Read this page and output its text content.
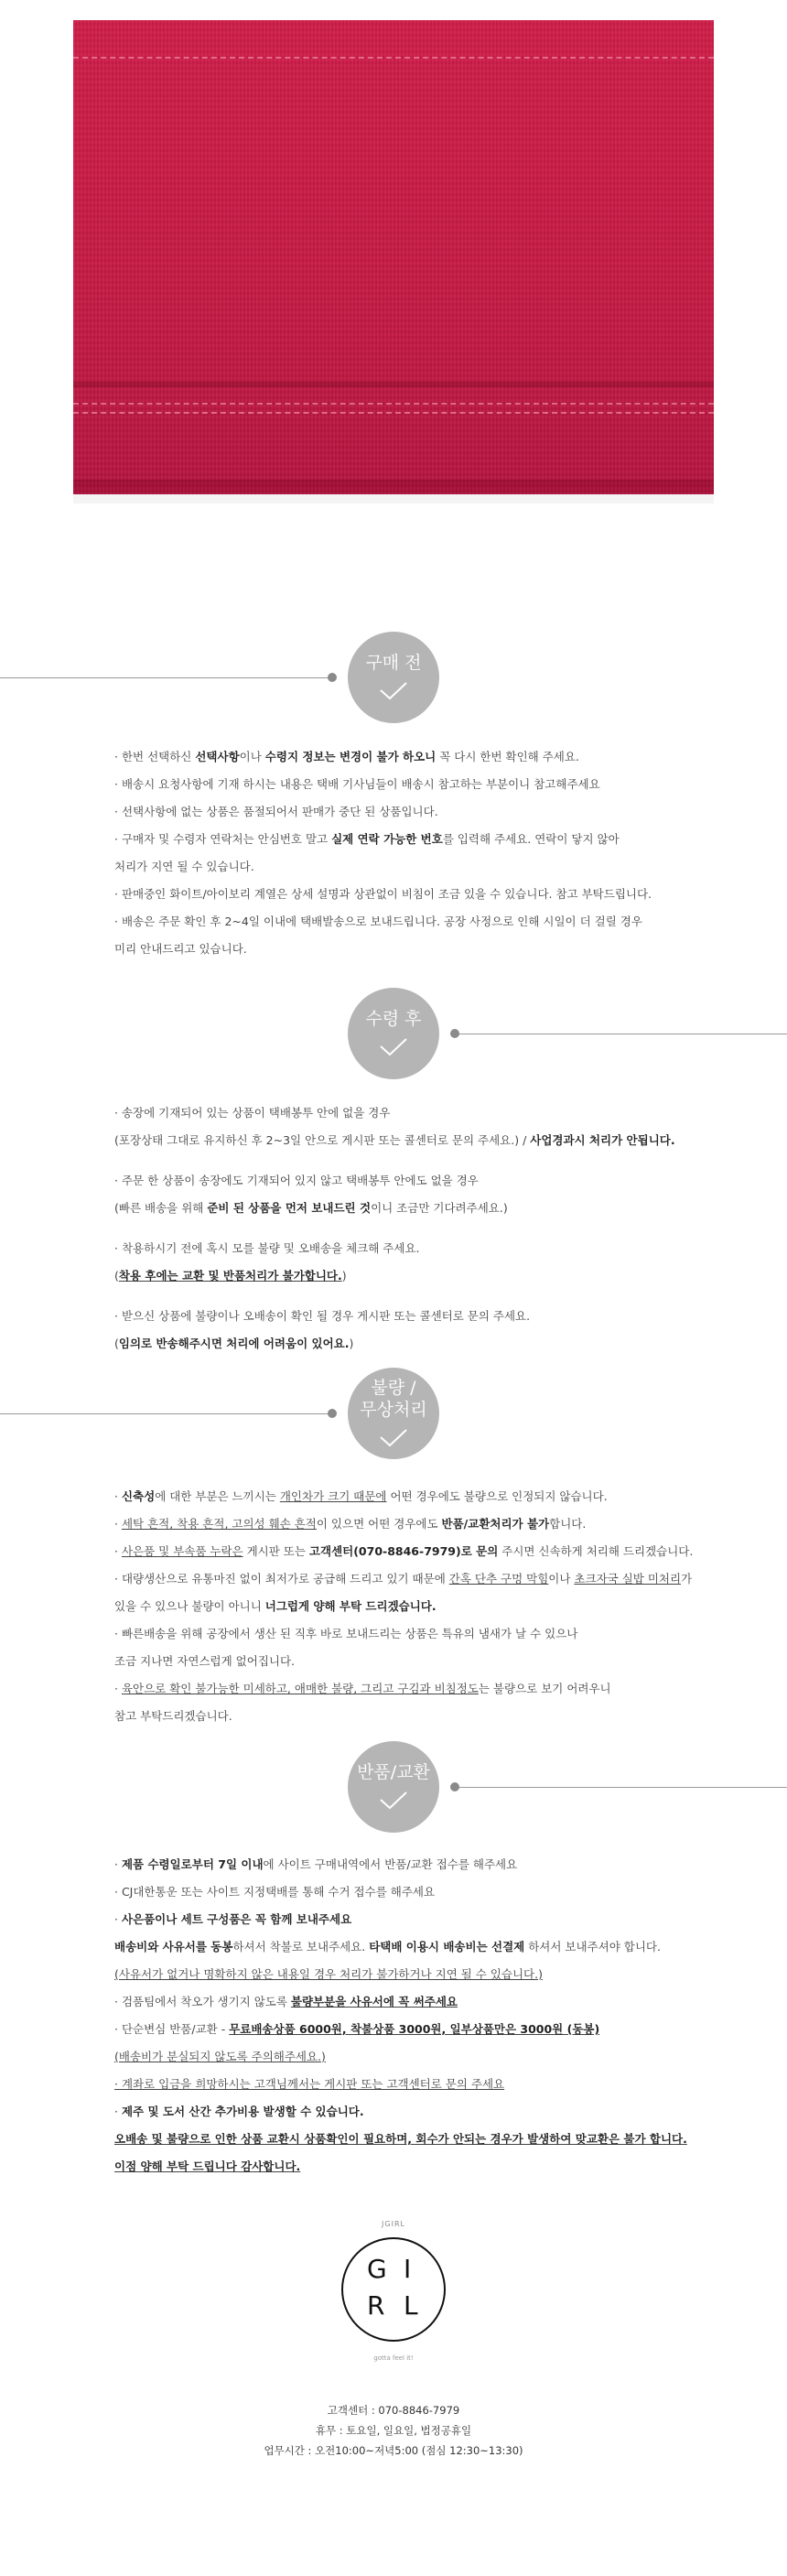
구매 전

· 한번 선택하신 선택사항이나 수령지 정보는 변경이 불가 하오니 꼭 다시 한번 확인해 주세요.

· 배송시 요청사항에 기재 하시는 내용은 택배 기사님들이 배송시 참고하는 부분이니 참고해주세요

· 선택사항에 없는 상품은 품절되어서 판매가 중단 된 상품입니다.

· 구매자 및 수령자 연락처는 안심번호 말고 실제 연락 가능한 번호를 입력해 주세요. 연락이 닿지 않아

처리가 지연 될 수 있습니다.

· 판매중인 화이트/아이보리 계열은 상세 설명과 상관없이 비침이 조금 있을 수 있습니다. 참고 부탁드립니다.

· 배송은 주문 확인 후 2~4일 이내에 택배발송으로 보내드립니다. 공장 사정으로 인해 시일이 더 걸릴 경우

미리 안내드리고 있습니다.

수령 후

· 송장에 기재되어 있는 상품이 택배봉투 안에 없을 경우

(포장상태 그대로 유지하신 후 2~3일 안으로 게시판 또는 콜센터로 문의 주세요.) / 사업경과시 처리가 안됩니다.

· 주문 한 상품이 송장에도 기재되어 있지 않고 택배봉투 안에도 없을 경우

(빠른 배송을 위해 준비 된 상품을 먼저 보내드린 것이니 조금만 기다려주세요.)

· 착용하시기 전에 혹시 모를 불량 및 오배송을 체크해 주세요.

(착용 후에는 교환 및 반품처리가 불가합니다.)

· 받으신 상품에 불량이나 오배송이 확인 될 경우 게시판 또는 콜센터로 문의 주세요.

(임의로 반송해주시면 처리에 어려움이 있어요.)

불량 /
무상처리

· 신축성에 대한 부분은 느끼시는 개인차가 크기 때문에 어떤 경우에도 불량으로 인정되지 않습니다.

· 세탁 흔적, 착용 흔적, 고의성 훼손 흔적이 있으면 어떤 경우에도 반품/교환처리가 불가합니다.

· 사은품 및 부속품 누락은 게시판 또는 고객센터(070-8846-7979)로 문의 주시면 신속하게 처리해 드리겠습니다.

· 대량생산으로 유통마진 없이 최저가로 공급해 드리고 있기 때문에 간혹 단추 구멍 막힘이나 초크자국 실밥 미처리가

있을 수 있으나 불량이 아니니 너그럽게 양해 부탁 드리겠습니다.

· 빠른배송을 위해 공장에서 생산 된 직후 바로 보내드리는 상품은 특유의 냄새가 날 수 있으나

조금 지나면 자연스럽게 없어집니다.

· 육안으로 확인 불가능한 미세하고, 애매한 불량, 그리고 구김과 비침정도는 불량으로 보기 어려우니

참고 부탁드리겠습니다.

반품/교환

· 제품 수령일로부터 7일 이내에 사이트 구매내역에서 반품/교환 접수를 해주세요

· CJ대한통운 또는 사이트 지정택배를 통해 수거 접수를 해주세요

· 사은품이나 세트 구성품은 꼭 함께 보내주세요

배송비와 사유서를 동봉하셔서 착불로 보내주세요. 타택배 이용시 배송비는 선결제 하셔서 보내주셔야 합니다.

(사유서가 없거나 명확하지 않은 내용일 경우 처리가 불가하거나 지연 될 수 있습니다.)

· 검품팀에서 착오가 생기지 않도록 불량부분을 사유서에 꼭 써주세요

· 단순변심 반품/교환 - 무료배송상품 6000원, 착불상품 3000원, 일부상품만은 3000원 (동봉)

(배송비가 분실되지 않도록 주의해주세요.)

· 계좌로 입금을 희망하시는 고객님께서는 게시판 또는 고객센터로 문의 주세요

· 제주 및 도서 산간 추가비용 발생할 수 있습니다.

오배송 및 불량으로 인한 상품 교환시 상품확인이 필요하며, 회수가 안되는 경우가 발생하여 맞교환은 불가 합니다.

이점 양해 부탁 드립니다 감사합니다.

JGIRL
G I
R L
gotta feel it!
고객센터 : 070-8846-7979
휴무 : 토요일, 일요일, 법정공휴일
업무시간 : 오전10:00~저녁5:00 (점심 12:30~13:30)
